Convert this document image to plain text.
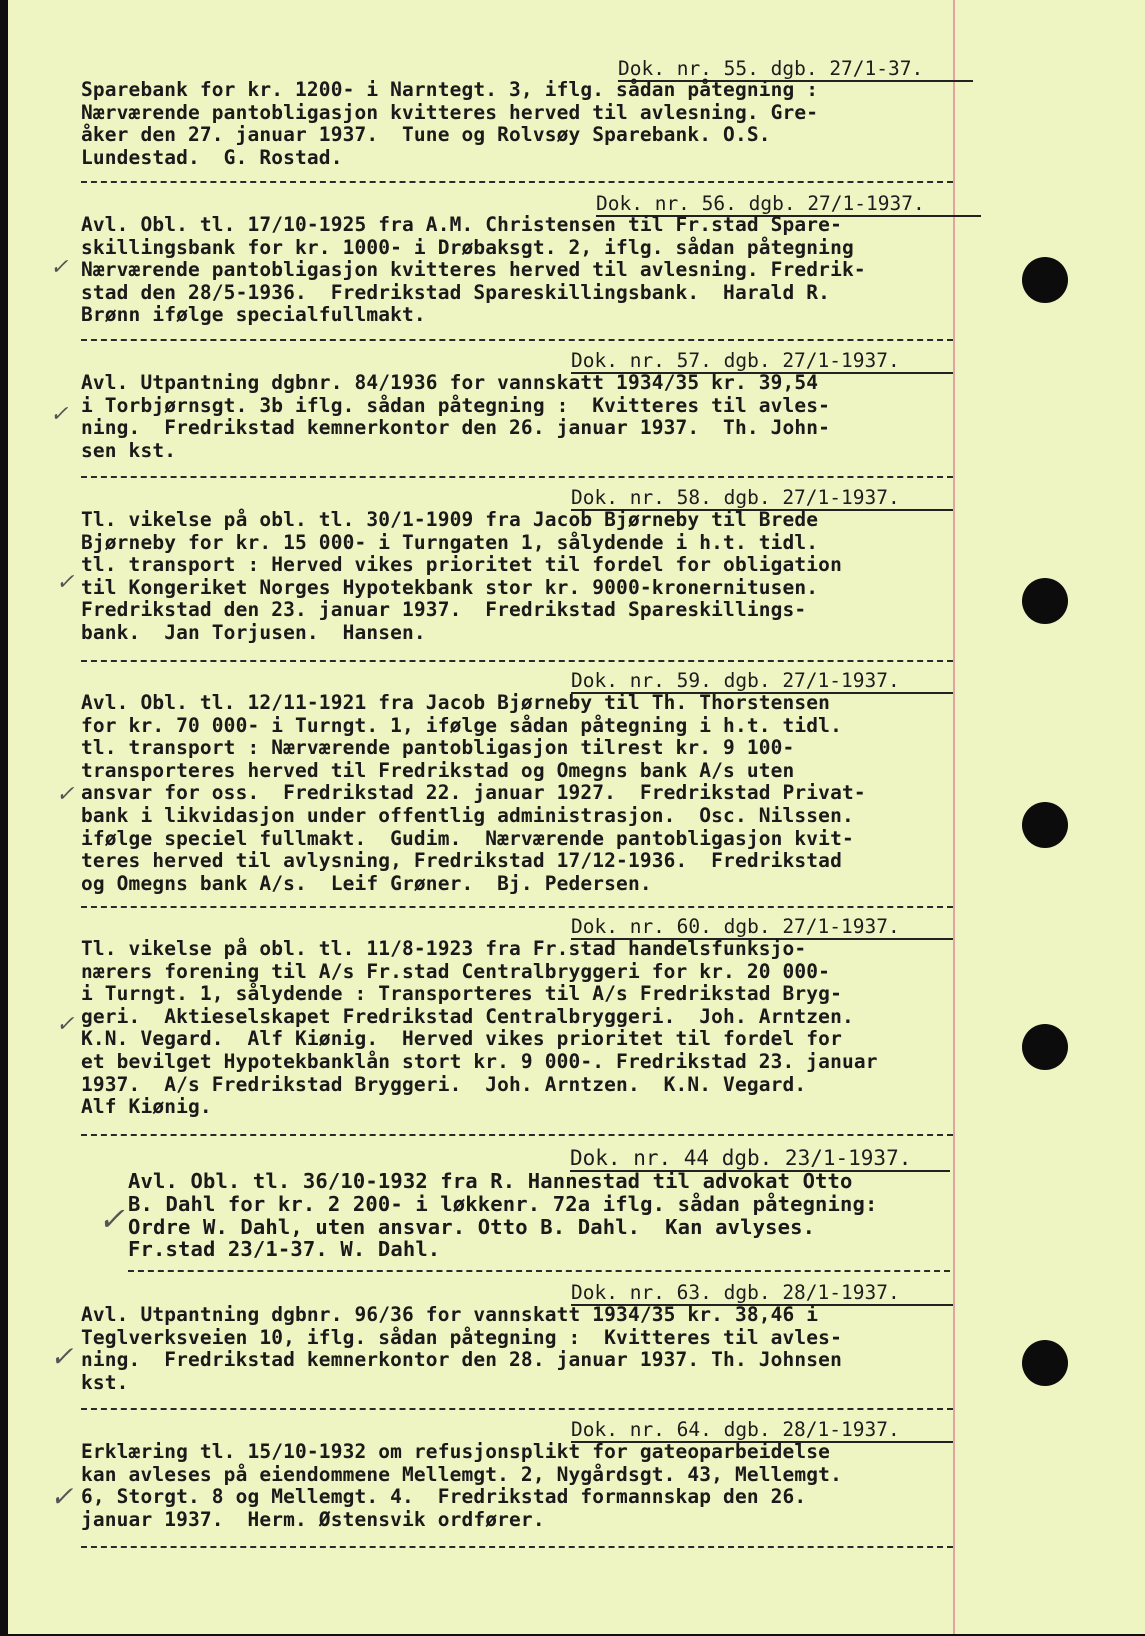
Dok. nr. 55. dgb. 27/1-37.
Sparebank for kr. 1200- i Narntegt. 3, iflg. sådan påtegning :
Nærværende pantobligasjon kvitteres herved til avlesning. Gre-
åker den 27. januar 1937.  Tune og Rolvsøy Sparebank. O.S.
Lundestad.  G. Rostad.
Dok. nr. 56. dgb. 27/1-1937.
Avl. Obl. tl. 17/10-1925 fra A.M. Christensen til Fr.stad Spare-
skillingsbank for kr. 1000- i Drøbaksgt. 2, iflg. sådan påtegning
Nærværende pantobligasjon kvitteres herved til avlesning. Fredrik-
stad den 28/5-1936.  Fredrikstad Spareskillingsbank.  Harald R.
Brønn ifølge specialfullmakt.
✓
Dok. nr. 57. dgb. 27/1-1937.
Avl. Utpantning dgbnr. 84/1936 for vannskatt 1934/35 kr. 39,54
i Torbjørnsgt. 3b iflg. sådan påtegning :  Kvitteres til avles-
ning.  Fredrikstad kemnerkontor den 26. januar 1937.  Th. John-
sen kst.
✓
Dok. nr. 58. dgb. 27/1-1937.
Tl. vikelse på obl. tl. 30/1-1909 fra Jacob Bjørneby til Brede
Bjørneby for kr. 15 000- i Turngaten 1, sålydende i h.t. tidl.
tl. transport : Herved vikes prioritet til fordel for obligation
til Kongeriket Norges Hypotekbank stor kr. 9000-kronernitusen.
Fredrikstad den 23. januar 1937.  Fredrikstad Spareskillings-
bank.  Jan Torjusen.  Hansen.
✓
Dok. nr. 59. dgb. 27/1-1937.
Avl. Obl. tl. 12/11-1921 fra Jacob Bjørneby til Th. Thorstensen
for kr. 70 000- i Turngt. 1, ifølge sådan påtegning i h.t. tidl.
tl. transport : Nærværende pantobligasjon tilrest kr. 9 100-
transporteres herved til Fredrikstad og Omegns bank A/s uten
ansvar for oss.  Fredrikstad 22. januar 1927.  Fredrikstad Privat-
bank i likvidasjon under offentlig administrasjon.  Osc. Nilssen.
ifølge speciel fullmakt.  Gudim.  Nærværende pantobligasjon kvit-
teres herved til avlysning, Fredrikstad 17/12-1936.  Fredrikstad
og Omegns bank A/s.  Leif Grøner.  Bj. Pedersen.
✓
Dok. nr. 60. dgb. 27/1-1937.
Tl. vikelse på obl. tl. 11/8-1923 fra Fr.stad handelsfunksjo-
nærers forening til A/s Fr.stad Centralbryggeri for kr. 20 000-
i Turngt. 1, sålydende : Transporteres til A/s Fredrikstad Bryg-
geri.  Aktieselskapet Fredrikstad Centralbryggeri.  Joh. Arntzen.
K.N. Vegard.  Alf Kiønig.  Herved vikes prioritet til fordel for
et bevilget Hypotekbanklån stort kr. 9 000-. Fredrikstad 23. januar
1937.  A/s Fredrikstad Bryggeri.  Joh. Arntzen.  K.N. Vegard.
Alf Kiønig.
✓
Dok. nr. 44 dgb. 23/1-1937.
Avl. Obl. tl. 36/10-1932 fra R. Hannestad til advokat Otto
B. Dahl for kr. 2 200- i løkkenr. 72a iflg. sådan påtegning:
Ordre W. Dahl, uten ansvar. Otto B. Dahl.  Kan avlyses.
Fr.stad 23/1-37. W. Dahl.
✓
Dok. nr. 63. dgb. 28/1-1937.
Avl. Utpantning dgbnr. 96/36 for vannskatt 1934/35 kr. 38,46 i
Teglverksveien 10, iflg. sådan påtegning :  Kvitteres til avles-
ning.  Fredrikstad kemnerkontor den 28. januar 1937. Th. Johnsen
kst.
✓
Dok. nr. 64. dgb. 28/1-1937.
Erklæring tl. 15/10-1932 om refusjonsplikt for gateoparbeidelse
kan avleses på eiendommene Mellemgt. 2, Nygårdsgt. 43, Mellemgt.
6, Storgt. 8 og Mellemgt. 4.  Fredrikstad formannskap den 26.
januar 1937.  Herm. Østensvik ordfører.
✓
